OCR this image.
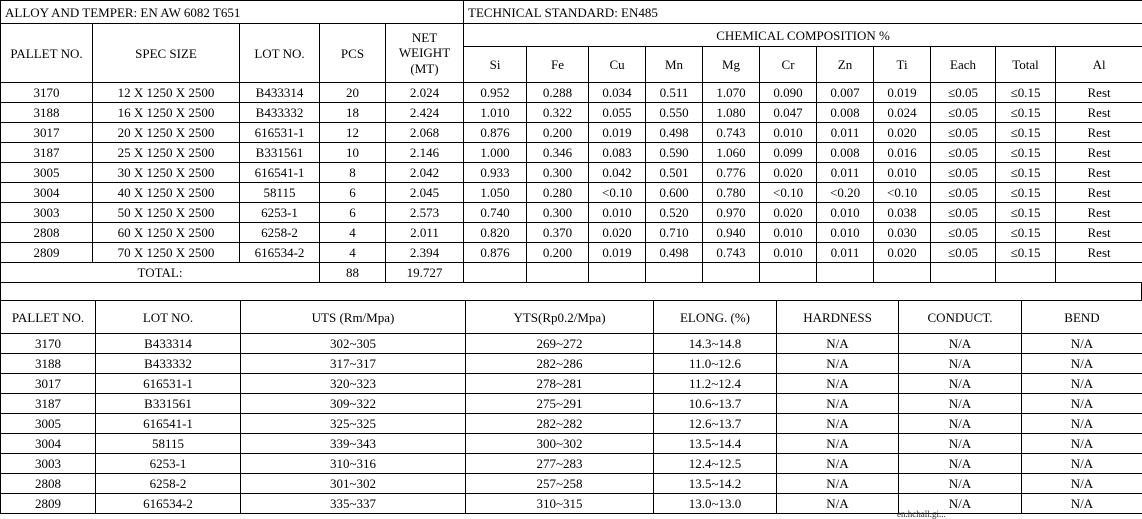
ALLOY AND TEMPER: EN AW 6082 T651					TECHNICAL STANDARD: EN485										
PALLET NO.	SPEC SIZE	LOT NO.	PCS	NET WEIGHT (MT)	CHEMICAL COMPOSITION %										
					Si	Fe	Cu	Mn	Mg	Cr	Zn	Ti	Each	Total	Al
3170	12 X 1250 X 2500	B433314	20	2.024	0.952	0.288	0.034	0.511	1.070	0.090	0.007	0.019	≤0.05	≤0.15	Rest
3188	16 X 1250 X 2500	B433332	18	2.424	1.010	0.322	0.055	0.550	1.080	0.047	0.008	0.024	≤0.05	≤0.15	Rest
3017	20 X 1250 X 2500	616531-1	12	2.068	0.876	0.200	0.019	0.498	0.743	0.010	0.011	0.020	≤0.05	≤0.15	Rest
3187	25 X 1250 X 2500	B331561	10	2.146	1.000	0.346	0.083	0.590	1.060	0.099	0.008	0.016	≤0.05	≤0.15	Rest
3005	30 X 1250 X 2500	616541-1	8	2.042	0.933	0.300	0.042	0.501	0.776	0.020	0.011	0.010	≤0.05	≤0.15	Rest
3004	40 X 1250 X 2500	58115	6	2.045	1.050	0.280	<0.10	0.600	0.780	<0.10	<0.20	<0.10	≤0.05	≤0.15	Rest
3003	50 X 1250 X 2500	6253-1	6	2.573	0.740	0.300	0.010	0.520	0.970	0.020	0.010	0.038	≤0.05	≤0.15	Rest
2808	60 X 1250 X 2500	6258-2	4	2.011	0.820	0.370	0.020	0.710	0.940	0.010	0.010	0.030	≤0.05	≤0.15	Rest
2809	70 X 1250 X 2500	616534-2	4	2.394	0.876	0.200	0.019	0.498	0.743	0.010	0.011	0.020	≤0.05	≤0.15	Rest
TOTAL:			88	19.727											
PALLET NO.	LOT NO.	UTS (Rm/Mpa)	YTS(Rp0.2/Mpa)	ELONG. (%)	HARDNESS	CONDUCT.	BEND
3170	B433314	302~305	269~272	14.3~14.8	N/A	N/A	N/A
3188	B433332	317~317	282~286	11.0~12.6	N/A	N/A	N/A
3017	616531-1	320~323	278~281	11.2~12.4	N/A	N/A	N/A
3187	B331561	309~322	275~291	10.6~13.7	N/A	N/A	N/A
3005	616541-1	325~325	282~282	12.6~13.7	N/A	N/A	N/A
3004	58115	339~343	300~302	13.5~14.4	N/A	N/A	N/A
3003	6253-1	310~316	277~283	12.4~12.5	N/A	N/A	N/A
2808	6258-2	301~302	257~258	13.5~14.2	N/A	N/A	N/A
2809	616534-2	335~337	310~315	13.0~13.0	N/A	N/A	N/A
en.hchall.gi...
